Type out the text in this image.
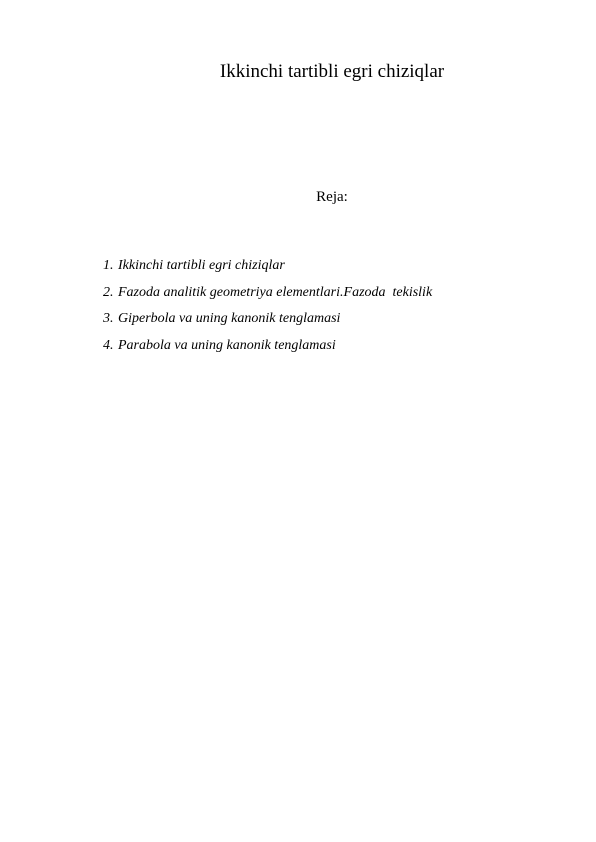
Ikkinchi tartibli egri chiziqlar
Reja:
1. Ikkinchi tartibli egri chiziqlar
2. Fazoda analitik geometriya elementlari.Fazoda  tekislik
3. Giperbola va uning kanonik tenglamasi
4. Parabola va uning kanonik tenglamasi
